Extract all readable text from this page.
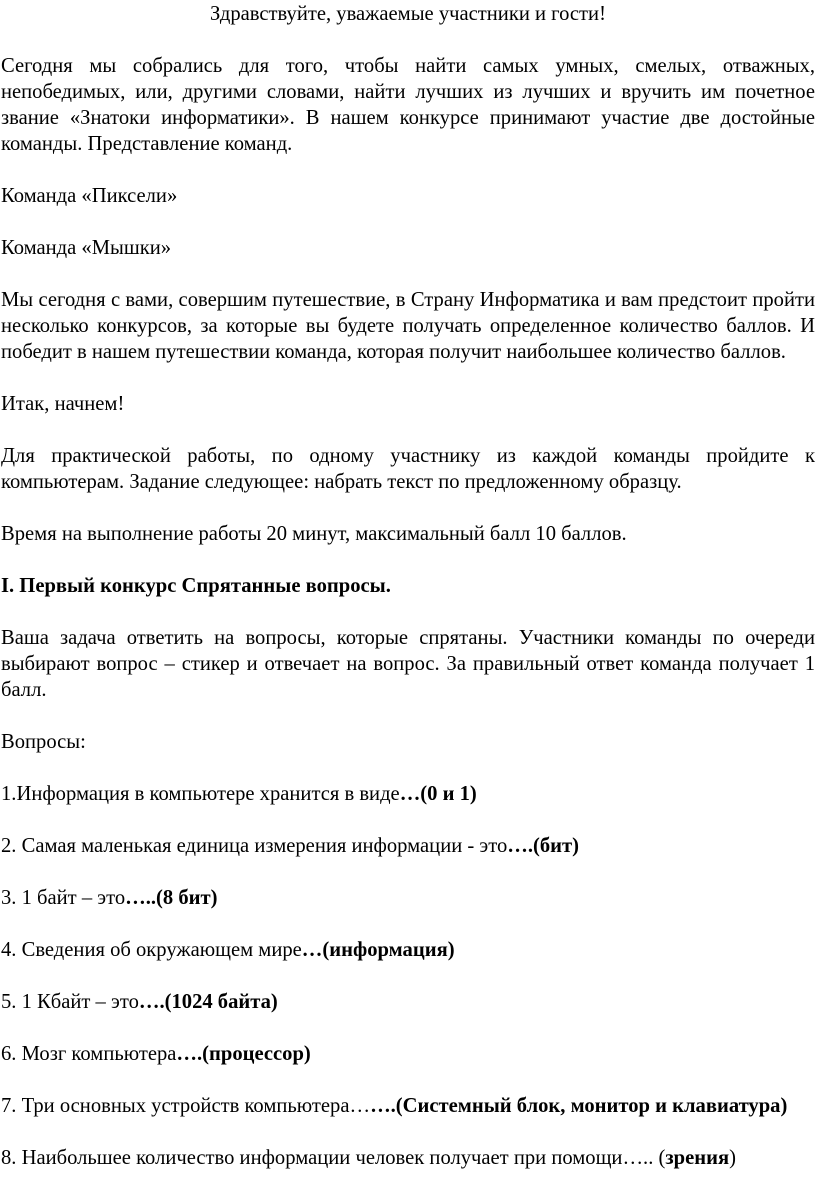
Здравствуйте, уважаемые участники и гости!

Сегодня мы собрались для того, чтобы найти самых умных, смелых, отважных, непобедимых, или, другими словами, найти лучших из лучших и вручить им почетное звание «Знатоки информатики». В нашем конкурсе принимают участие две достойные команды. Представление команд.

Команда «Пиксели»

Команда «Мышки»

Мы сегодня с вами, совершим путешествие, в Страну Информатика и вам предстоит пройти несколько конкурсов, за которые вы будете получать определенное количество баллов. И победит в нашем путешествии команда, которая получит наибольшее количество баллов.

Итак, начнем!

Для практической работы, по одному участнику из каждой команды пройдите к компьютерам. Задание следующее: набрать текст по предложенному образцу.

Время на выполнение работы 20 минут, максимальный балл 10 баллов.

I. Первый конкурс Спрятанные вопросы.

Ваша задача ответить на вопросы, которые спрятаны. Участники команды по очереди выбирают вопрос – стикер и отвечает на вопрос. За правильный ответ команда получает 1 балл.

Вопросы:

1.Информация в компьютере хранится в виде…(0 и 1)

2. Самая маленькая единица измерения информации - это….(бит)

3. 1 байт – это…..(8 бит)

4. Сведения об окружающем мире…(информация)

5. 1 Кбайт – это….(1024 байта)

6. Мозг компьютера….(процессор)

7. Три основных устройств компьютера…….(Системный блок, монитор и клавиатура)

8. Наибольшее количество информации человек получает при помощи….. (зрения)
